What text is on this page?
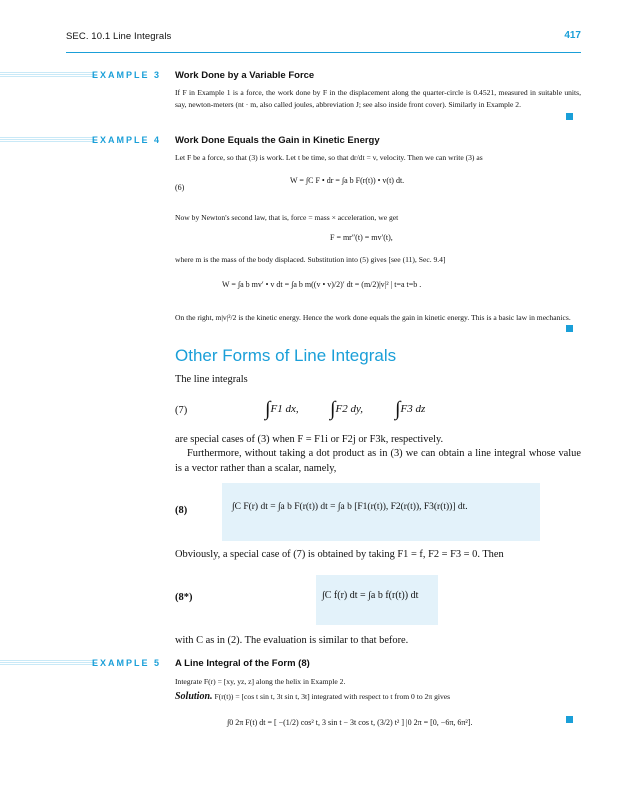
SEC. 10.1 Line Integrals	417
EXAMPLE 3 Work Done by a Variable Force
If F in Example 1 is a force, the work done by F in the displacement along the quarter-circle is 0.4521, measured in suitable units, say, newton-meters (nt · m, also called joules, abbreviation J; see also inside front cover). Similarly in Example 2.
EXAMPLE 4 Work Done Equals the Gain in Kinetic Energy
Let F be a force, so that (3) is work. Let t be time, so that dr/dt = v, velocity. Then we can write (3) as
(6)
W = ∫C F • dr = ∫a b F(r(t)) • v(t) dt.
Now by Newton's second law, that is, force = mass × acceleration, we get
F = mr″(t) = mv′(t),
where m is the mass of the body displaced. Substitution into (5) gives [see (11), Sec. 9.4]
W = ∫a b mv′ • v dt = ∫a b m((v • v)/2)′ dt = (m/2)|v|² | t=a t=b .
On the right, m|v|²/2 is the kinetic energy. Hence the work done equals the gain in kinetic energy. This is a basic law in mechanics.
Other Forms of Line Integrals
The line integrals
(7)	∫F1 dx, ∫F2 dy, ∫F3 dz
are special cases of (3) when F = F1i or F2j or F3k, respectively.
Furthermore, without taking a dot product as in (3) we can obtain a line integral whose value is a vector rather than a scalar, namely,
(8)	∫C F(r) dt = ∫a b F(r(t)) dt = ∫a b [F1(r(t)), F2(r(t)), F3(r(t))] dt.
Obviously, a special case of (7) is obtained by taking F1 = f, F2 = F3 = 0. Then
(8*)	∫C f(r) dt = ∫a b f(r(t)) dt
with C as in (2). The evaluation is similar to that before.
EXAMPLE 5 A Line Integral of the Form (8)
Integrate F(r) = [xy, yz, z] along the helix in Example 2.
Solution. F(r(t)) = [cos t sin t, 3t sin t, 3t] integrated with respect to t from 0 to 2π gives
∫0 2π F(t) dt = [ −(1/2) cos² t, 3 sin t − 3t cos t, (3/2) t² ] |0 2π = [0, −6π, 6π²].
